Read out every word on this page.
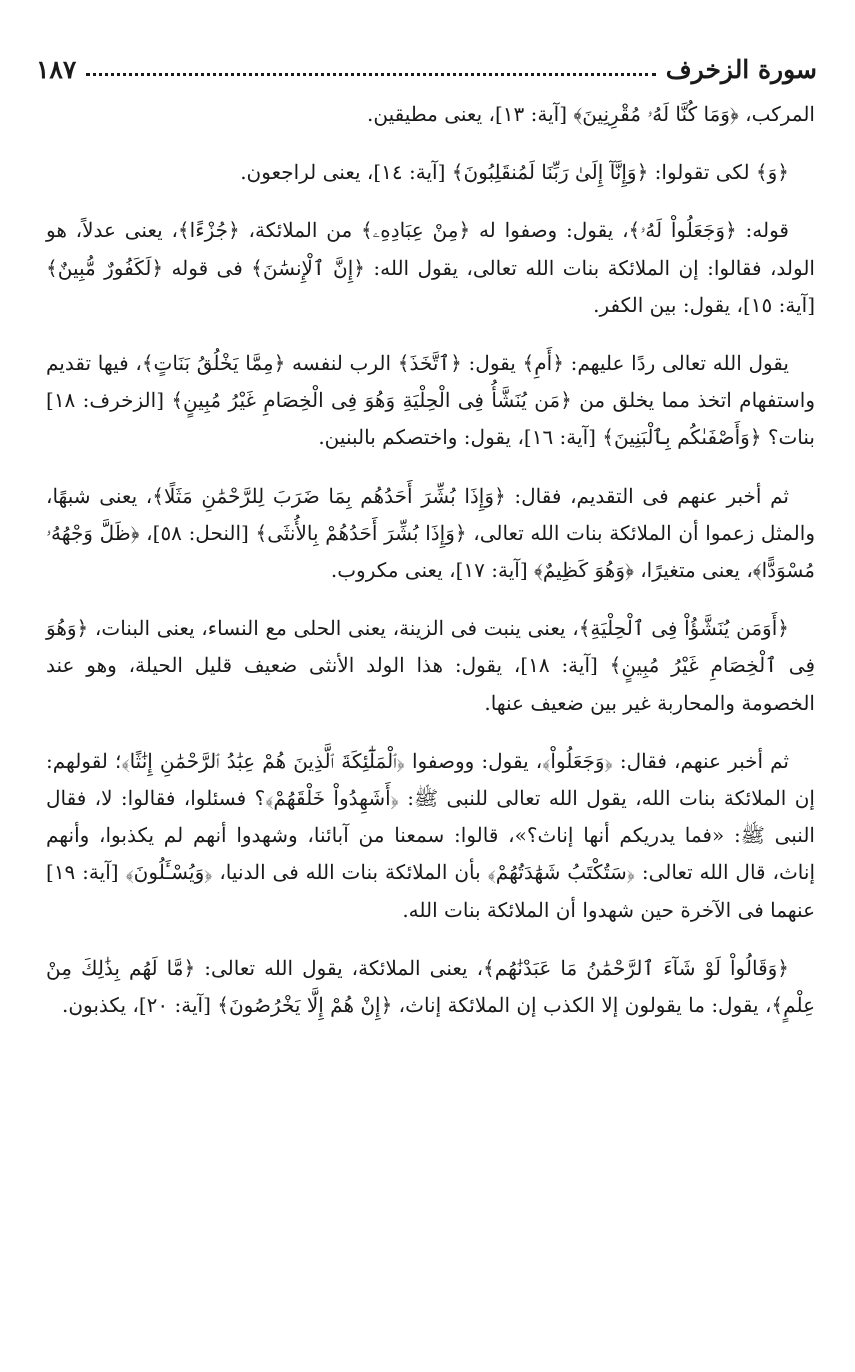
سورة الزخرف
١٨٧

المركب، ﴿وَمَا كُنَّا لَهُۥ مُقْرِنِينَ﴾ [آية: ١٣]، يعنى مطيقين.

﴿وَ﴾ لكى تقولوا: ﴿وَإِنَّآ إِلَىٰ رَبِّنَا لَمُنقَلِبُونَ﴾ [آية: ١٤]، يعنى لراجعون.

قوله: ﴿وَجَعَلُواْ لَهُۥ﴾، يقول: وصفوا له ﴿مِنْ عِبَادِهِۦ﴾ من الملائكة، ﴿جُزْءًا﴾، يعنى عدلاً، هو الولد، فقالوا: إن الملائكة بنات الله تعالى، يقول الله: ﴿إِنَّ ٱلْإِنسَٰنَ﴾ فى قوله ﴿لَكَفُورٌ مُّبِينٌ﴾ [آية: ١٥]، يقول: بين الكفر.

يقول الله تعالى ردًا عليهم: ﴿أَمِ﴾ يقول: ﴿ٱتَّخَذَ﴾ الرب لنفسه ﴿مِمَّا يَخْلُقُ بَنَاتٍ﴾، فيها تقديم واستفهام اتخذ مما يخلق من ﴿مَن يُنَشَّأُ فِى الْحِلْيَةِ وَهُوَ فِى الْخِصَامِ غَيْرُ مُبِينٍ﴾ [الزخرف: ١٨] بنات؟ ﴿وَأَصْفَىٰكُم بِٱلْبَنِينَ﴾ [آية: ١٦]، يقول: واختصكم بالبنين.

ثم أخبر عنهم فى التقديم، فقال: ﴿وَإِذَا بُشِّرَ أَحَدُهُم بِمَا ضَرَبَ لِلرَّحْمَٰنِ مَثَلًا﴾، يعنى شبهًا، والمثل زعموا أن الملائكة بنات الله تعالى، ﴿وَإِذَا بُشِّرَ أَحَدُهُمْ بِالأُنثَى﴾ [النحل: ٥٨]، ﴿ظَلَّ وَجْهُهُۥ مُسْوَدًّا﴾، يعنى متغيرًا، ﴿وَهُوَ كَظِيمٌ﴾ [آية: ١٧]، يعنى مكروب.

﴿أَوَمَن يُنَشَّؤُاْ فِى ٱلْحِلْيَةِ﴾، يعنى ينبت فى الزينة، يعنى الحلى مع النساء، يعنى البنات، ﴿وَهُوَ فِى ٱلْخِصَامِ غَيْرُ مُبِينٍ﴾ [آية: ١٨]، يقول: هذا الولد الأنثى ضعيف قليل الحيلة، وهو عند الخصومة والمحاربة غير بين ضعيف عنها.

ثم أخبر عنهم، فقال: ﴿وَجَعَلُواْ﴾، يقول: ووصفوا ﴿ٱلْمَلَٰٓئِكَةَ ٱلَّذِينَ هُمْ عِبَٰدُ ٱلرَّحْمَٰنِ إِنَٰثًا﴾؛ لقولهم: إن الملائكة بنات الله، يقول الله تعالى للنبى ﷺ: ﴿أَشَهِدُواْ خَلْقَهُمْ﴾؟ فسئلوا، فقالوا: لا، فقال النبى ﷺ: «فما يدريكم أنها إناث؟»، قالوا: سمعنا من آبائنا، وشهدوا أنهم لم يكذبوا، وأنهم إناث، قال الله تعالى: ﴿سَتُكْتَبُ شَهَٰدَتُهُمْ﴾ بأن الملائكة بنات الله فى الدنيا، ﴿وَيُسْـَٔلُونَ﴾ [آية: ١٩] عنهما فى الآخرة حين شهدوا أن الملائكة بنات الله.

﴿وَقَالُواْ لَوْ شَآءَ ٱلرَّحْمَٰنُ مَا عَبَدْنَٰهُم﴾، يعنى الملائكة، يقول الله تعالى: ﴿مَّا لَهُم بِذَٰلِكَ مِنْ عِلْمٍ﴾، يقول: ما يقولون إلا الكذب إن الملائكة إناث، ﴿إِنْ هُمْ إِلَّا يَخْرُصُونَ﴾ [آية: ٢٠]، يكذبون.
